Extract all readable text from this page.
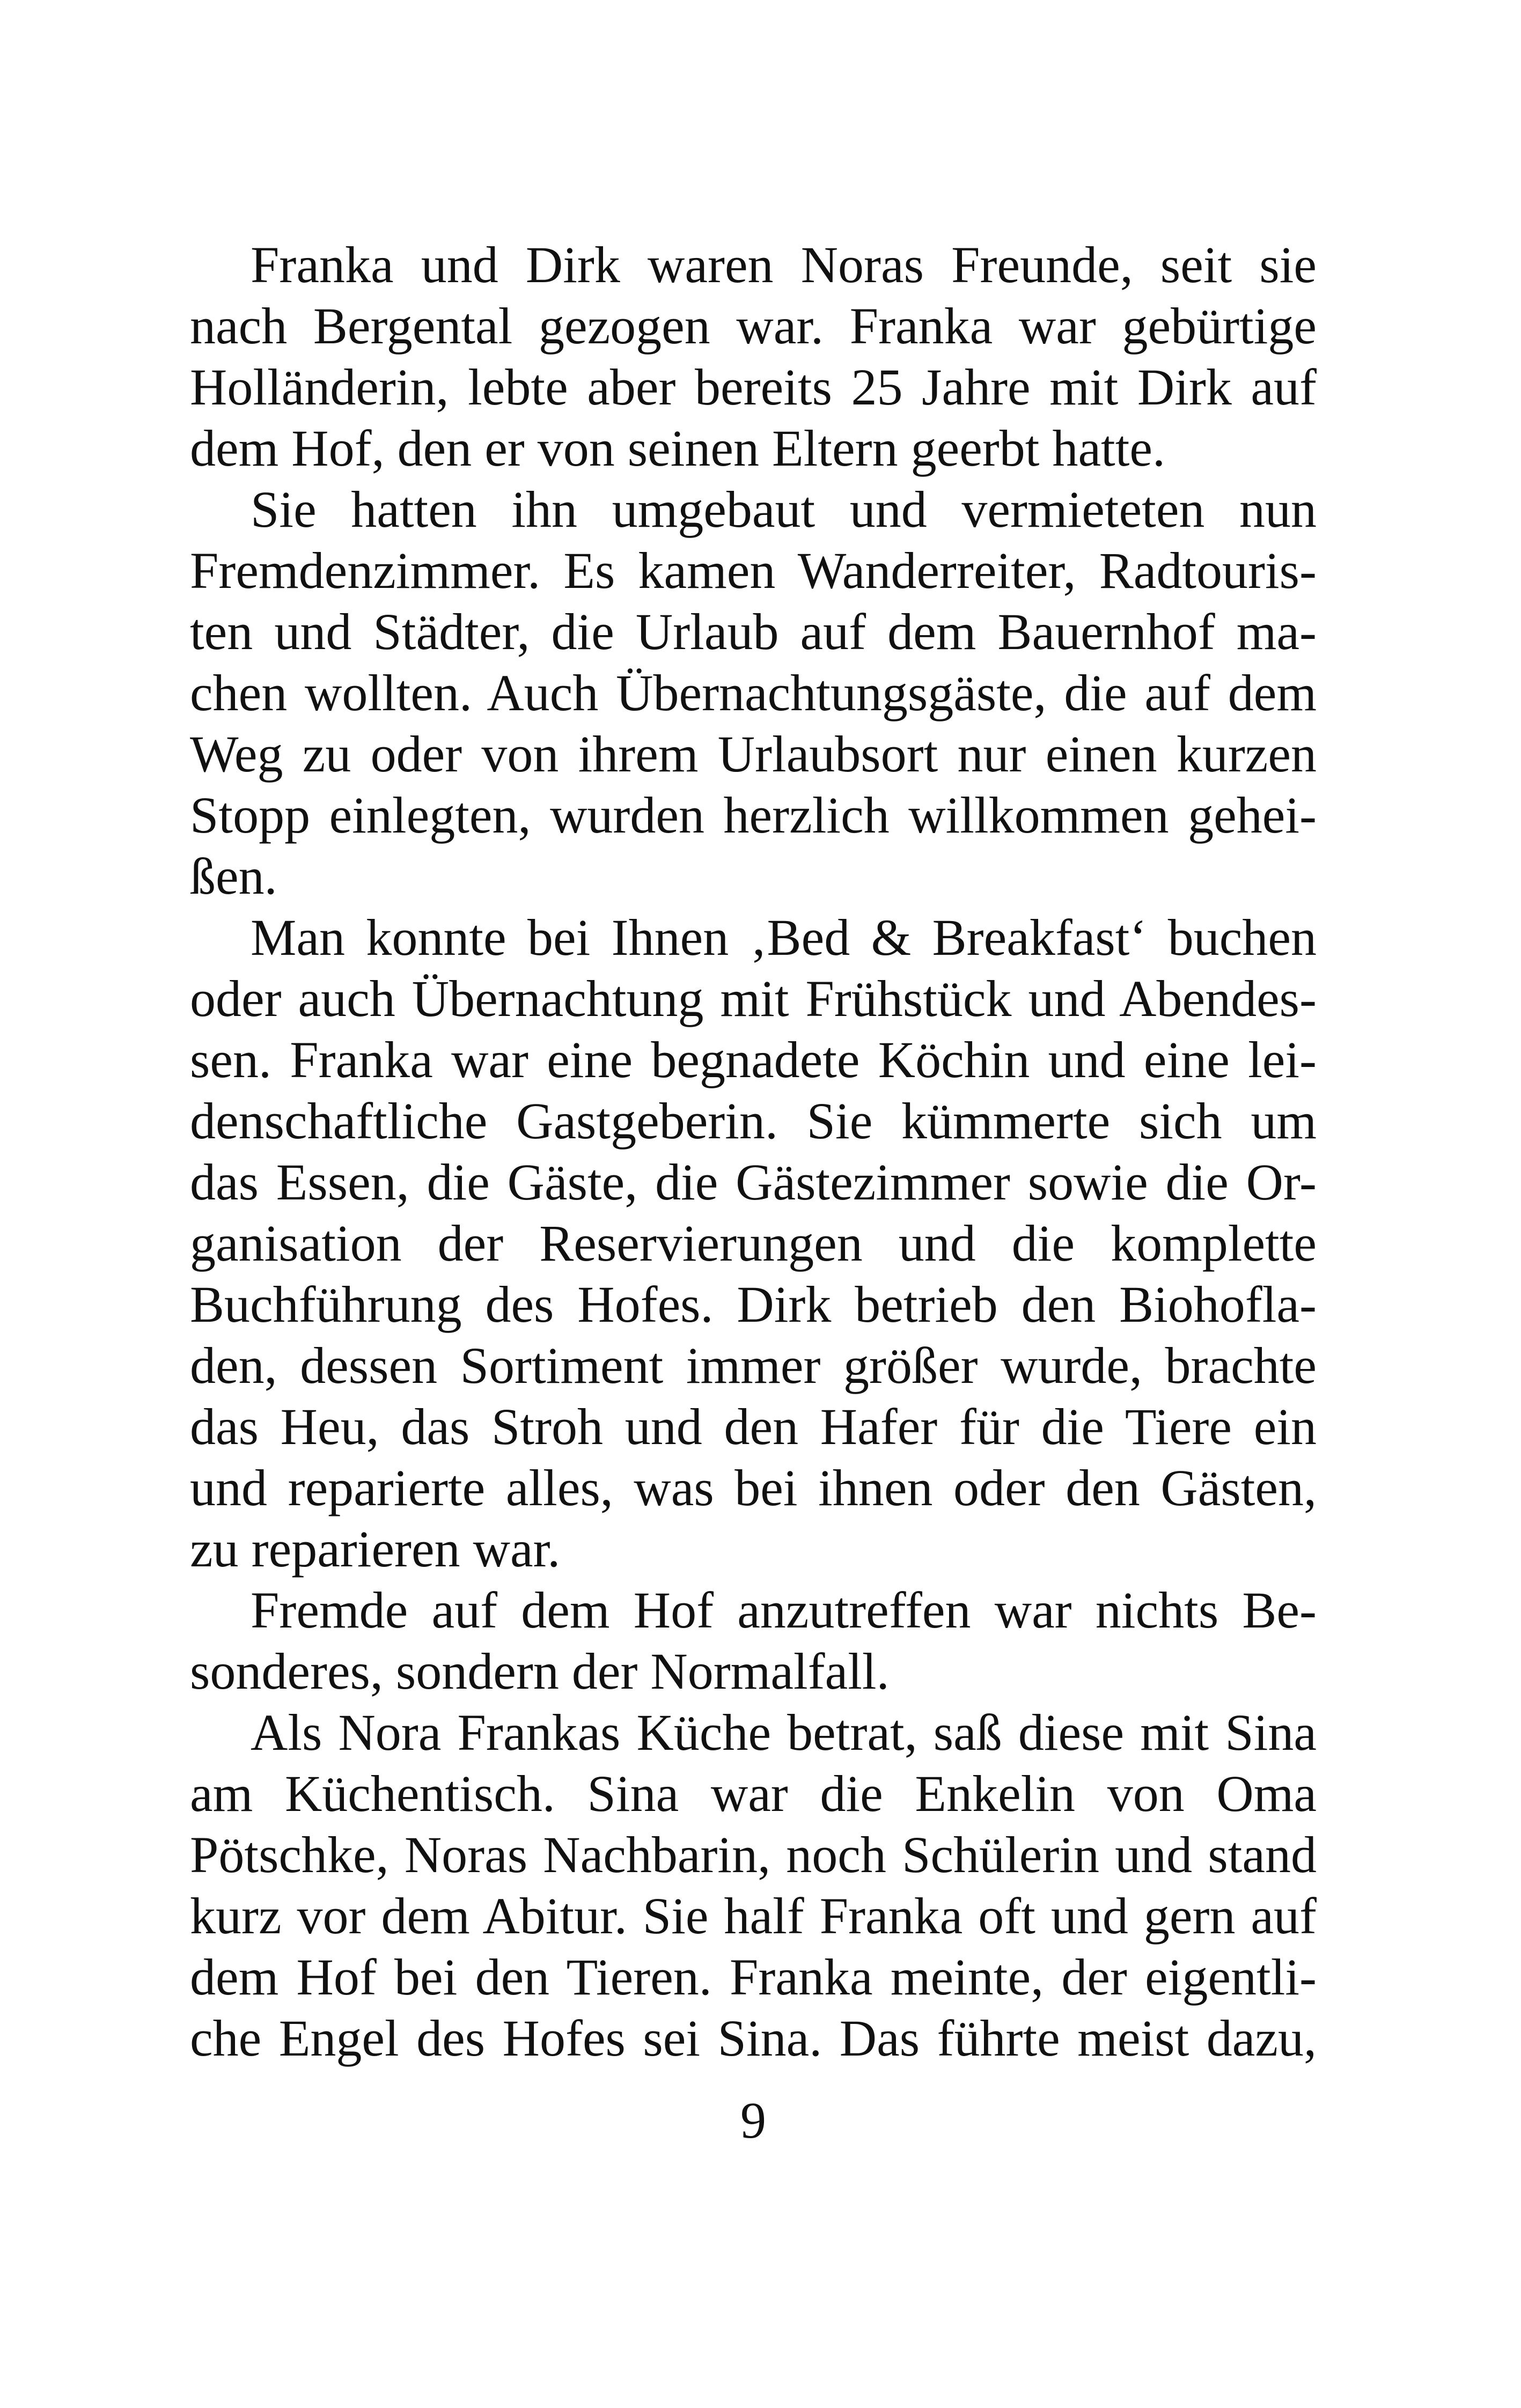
Franka und Dirk waren Noras Freunde, seit sie
nach Bergental gezogen war. Franka war gebürtige
Holländerin, lebte aber bereits 25 Jahre mit Dirk auf
dem Hof, den er von seinen Eltern geerbt hatte.
Sie hatten ihn umgebaut und vermieteten nun
Fremdenzimmer. Es kamen Wanderreiter, Radtouris-
ten und Städter, die Urlaub auf dem Bauernhof ma-
chen wollten. Auch Übernachtungsgäste, die auf dem
Weg zu oder von ihrem Urlaubsort nur einen kurzen
Stopp einlegten, wurden herzlich willkommen gehei-
ßen.
Man konnte bei Ihnen ‚Bed & Breakfast‘ buchen
oder auch Übernachtung mit Frühstück und Abendes-
sen. Franka war eine begnadete Köchin und eine lei-
denschaftliche Gastgeberin. Sie kümmerte sich um
das Essen, die Gäste, die Gästezimmer sowie die Or-
ganisation der Reservierungen und die komplette
Buchführung des Hofes. Dirk betrieb den Biohofla-
den, dessen Sortiment immer größer wurde, brachte
das Heu, das Stroh und den Hafer für die Tiere ein
und reparierte alles, was bei ihnen oder den Gästen,
zu reparieren war.
Fremde auf dem Hof anzutreffen war nichts Be-
sonderes, sondern der Normalfall.
Als Nora Frankas Küche betrat, saß diese mit Sina
am Küchentisch. Sina war die Enkelin von Oma
Pötschke, Noras Nachbarin, noch Schülerin und stand
kurz vor dem Abitur. Sie half Franka oft und gern auf
dem Hof bei den Tieren. Franka meinte, der eigentli-
che Engel des Hofes sei Sina. Das führte meist dazu,
9
